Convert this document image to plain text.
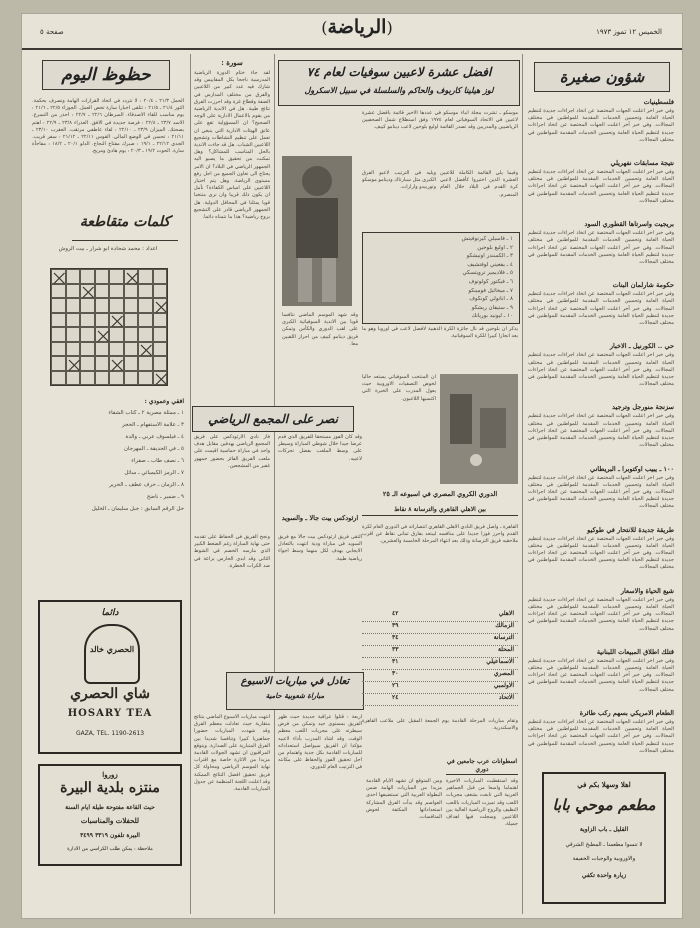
صفحة ٥	(الرياضة)	الخميس ١٢ تموز ١٩٧٣
حظوظ اليوم
الحمل ٢١/٣ ـ ٢٠/٤ : لا تتردد في اتخاذ القرارات الهامة وتصرف بحكمة. الثور ٢١/٤ ـ ٢١/٥ : تتلقى اخبارا سارة تخص العمل. الجوزاء ٢٢/٥ ـ ٢١/٦ : يوم مناسب للقاء الاصدقاء. السرطان ٢٢/٦ ـ ٢٢/٧ : احذر من التسرع. الاسد ٢٣/٧ ـ ٢٢/٨ : فرصة جديدة في الافق. العذراء ٢٣/٨ ـ ٢٢/٩ : اهتم بصحتك. الميزان ٢٣/٩ ـ ٢٢/١٠ : لقاء عاطفي مرتقب. العقرب ٢٣/١٠ ـ ٢١/١١ : تحسن في الوضع المالي. القوس ٢٢/١١ ـ ٢١/١٢ : سفر قريب. الجدي ٢٢/١٢ ـ ١٩/١ : صبرك مفتاح النجاح. الدلو ٢٠/١ ـ ١٨/٢ : مفاجأة سارة. الحوت ١٩/٢ ـ ٢٠/٣ : يوم هادئ ومريح.
كلمات متقاطعة
اعداد : محمد شحادة ابو شرار ـ بيت الروش
افقي وعمودي :
١ ـ ممثلة مصرية ٢ ـ كتاب الشفاء
٣ ـ علامة الاستفهام ـ الحجر
٤ ـ فيلسوف عربي ـ والدة
٥ ـ في الحديقة ـ المهرجان
٦ ـ نصف طاب ـ صفراء
٧ ـ الرمز الكيميائي ـ سائل
٨ ـ الزمان ـ حرف عطف ـ الحرير
٩ ـ ضمير ـ ناضج
حل الرقم السابق : جبل سليمان ـ الخليل
دائما
الحصري خالد
شاي الحصري
HOSARY TEA
GAZA, TEL. 1190-2613
زوروا
منتزه بلدية البيرة
حيث القاعة مفتوحة طيلة ايام السنة
للحفلات والمناسبات
البيرة تلفون ٣٣١٩ ٣٤٩٩
ملاحظة : يمكن طلب الكراسي من الادارة
سورة :
لقد جاء ختام الدورة الرياضية المدرسية ناجحا بكل المقاييس وقد شارك فيه عدد كبير من اللاعبين والفرق من مختلف المدارس في الضفة وقطاع غزة وقد احرزت الفرق نتائج طيبة. هل في الاندية الرياضية من يقوم بالاعمال الادارية على الوجه الصحيح؟ ان المسؤولية تقع على عاتق الهيئات الادارية التي ينبغي ان تعمل على تنظيم النشاطات وتشجيع اللاعبين الشباب. هل قد جاءت الاندية بالحل المناسب للمشاكل؟ وهل تمكنت من تحقيق ما يصبو اليه الجمهور الرياضي في البلاد؟ ان الامر يحتاج الى تعاون الجميع من اجل رفع مستوى الرياضة. وهل يتم اختيار اللاعبين على اساس الكفاءة؟ نأمل ان يكون ذلك قريبا وان نرى منتخبا قويا يمثلنا في المحافل الدولية. هل الجمهور الرياضي قادر على التشجيع بروح رياضية؟ هذا ما نتمناه دائما.
نصر على المجمع الرياضي
فاز نادي الارثوذكس على فريق المجمع الرياضي بهدفين مقابل هدف واحد في مباراة حماسية اقيمت على ملعب الفريق الفائز بحضور جمهور غفير من المشجعين.
ونجح الفريق في الحفاظ على تقدمه حتى نهاية المباراة رغم الضغط الكبير الذي مارسه الخصم في الشوط الثاني وقد ابدى الحارس براعة في صد الكرات الخطرة.
ارثودكس بيت جالا ـ والسويد
وقد كان الفوز مستحقا للفريق الذي قدم عرضا جيدا خلال شوطي المباراة وسيطر على وسط الملعب بفضل تحركات لاعبيه.
التقى فريق ارثودكس بيت جالا مع فريق السويد في مباراة ودية انتهت بالتعادل الايجابي بهدف لكل منهما وسط اجواء رياضية طيبة.
تعادل في مباريات الاسبوع
مباراة شعوبية حامية
انتهت مباريات الاسبوع الماضي بنتائج متقاربة حيث تعادلت معظم الفرق وقد شهدت المباريات حضورا جماهيريا كبيرا وتنافسا شديدا بين الفرق المتبارية على الصدارة. ويتوقع المراقبون ان تشهد الجولات القادمة مزيدا من الاثارة خاصة مع اقتراب نهاية الموسم الرياضي ومحاولة كل فريق تحقيق افضل النتائج الممكنة وقد اعلنت اللجنة المنظمة عن جدول المباريات القادمة.
اربعة : قتلوا عراقية جديدة حيث ظهر الفريق بمستوى جيد وتمكن من فرض سيطرته على مجريات اللعب معظم الوقت. وقد اشاد المدرب بأداء لاعبيه مؤكدا ان الفريق سيواصل استعداداته للمباريات القادمة بكل جدية واهتمام من اجل تحقيق الفوز والحفاظ على مكانته في الترتيب العام للدوري.
افضل عشرة لاعبين سوفيات لعام ٧٤
لوز هيلينا كاربوف والحاكم والسلسلة في سبيل الاسكرول
موسكو ـ تشرت مجلة انباء موسكو في عددها الاخير قائمة بأفضل عشرة لاعبين في الاتحاد السوفياتي لعام ١٩٧٤ وفق استطلاع شمل الصحفيين الرياضيين والمدربين وقد تصدر القائمة اوليغ بلوخين لاعب دينامو كييف.
وفيما يلي القائمة الكاملة للاعبين العشرة الذين اختيروا كأفضل لاعبي كرة القدم في البلاد خلال العام المنصرم.
ويليه في الترتيب لاعبو الفرق الكبرى مثل سبارتاك ودينامو موسكو وتوربيدو وارارات.
١ ـ فاسيلي كيرتوفيتش
٢ ـ اوليغ بلوخين
٣ ـ الكسندر اونيشكو
٤ ـ يفغيني لوفتشيف
٥ ـ فلاديمير ترويتسكي
٦ ـ فيكتور كولوتوف
٧ ـ ميخائيل فومينكو
٨ ـ اناتولي كونكوف
٩ ـ ستيفان ريشكو
١٠ ـ ليونيد بوريانك
يذكر ان بلوخين قد نال جائزة الكرة الذهبية لافضل لاعب في اوروبا وهو ما يعد انجازا كبيرا للكرة السوفياتية.
وقد شهد الموسم الماضي تنافسا قويا بين الاندية السوفياتية الكبرى على لقب الدوري والكأس وتمكن فريق دينامو كييف من احراز اللقبين معا.
ان المنتخب السوفياتي يستعد حاليا لخوض التصفيات الاوروبية حيث يعول المدرب على الخبرة التي اكتسبها اللاعبون.
الدوري الكروي المصري في اسبوعه الـ ٢٥
بين الاهلي القاهري والترسانة ٨ نقاط
القاهرة ـ واصل فريق النادي الاهلي القاهري انتصاراته في الدوري العام لكرة القدم واحرز فوزا جديدا على منافسه ليبتعد بفارق ثماني نقاط عن اقرب ملاحقيه فريق الترسانة وذلك بعد انتهاء المرحلة الخامسة والعشرين.
الاهلي
٤٢
الزمالك
٣٩
الترسانة
٣٤
المحلة
٣٣
الاسماعيلي
٣١
المصري
٣٠
الاولمبي
٢٦
الاتحاد
٢٤
وتقام مباريات المرحلة القادمة يوم الجمعة المقبل على ملاعب القاهرة والاسكندرية.
اسطوانات عرب جامعين في دوري
وقد استقطبت المباريات الاخيرة اهتماما واسعا من قبل الجماهير العربية التي تابعت بشغف مجريات اللعب وقد تميزت المباريات باللعب النظيف والروح الرياضية العالية بين اللاعبين وسجلت فيها اهداف جميلة.
ومن المتوقع ان تشهد الايام القادمة مزيدا من المباريات الهامة ضمن البطولة العربية التي تستضيفها احدى العواصم وقد بدأت الفرق المشاركة استعداداتها المكثفة لخوض المنافسات.
شؤون صغيرة
فلسطينيات
وفي خبر آخر اعلنت الجهات المختصة عن اتخاذ اجراءات جديدة لتنظيم الحياة العامة وتحسين الخدمات المقدمة للمواطنين في مختلف المجالات. وفي خبر آخر اعلنت الجهات المختصة عن اتخاذ اجراءات جديدة لتنظيم الحياة العامة وتحسين الخدمات المقدمة للمواطنين في مختلف المجالات.
نتيجة مسابقات نفهريلي
وفي خبر آخر اعلنت الجهات المختصة عن اتخاذ اجراءات جديدة لتنظيم الحياة العامة وتحسين الخدمات المقدمة للمواطنين في مختلف المجالات. وفي خبر آخر اعلنت الجهات المختصة عن اتخاذ اجراءات جديدة لتنظيم الحياة العامة وتحسين الخدمات المقدمة للمواطنين في مختلف المجالات.
بريجيت واسرتاها القطوري السود
وفي خبر آخر اعلنت الجهات المختصة عن اتخاذ اجراءات جديدة لتنظيم الحياة العامة وتحسين الخدمات المقدمة للمواطنين في مختلف المجالات. وفي خبر آخر اعلنت الجهات المختصة عن اتخاذ اجراءات جديدة لتنظيم الحياة العامة وتحسين الخدمات المقدمة للمواطنين في مختلف المجالات.
حكومة شارلمان البنات
وفي خبر آخر اعلنت الجهات المختصة عن اتخاذ اجراءات جديدة لتنظيم الحياة العامة وتحسين الخدمات المقدمة للمواطنين في مختلف المجالات. وفي خبر آخر اعلنت الجهات المختصة عن اتخاذ اجراءات جديدة لتنظيم الحياة العامة وتحسين الخدمات المقدمة للمواطنين في مختلف المجالات.
حي .. الكورنيل ـ الاخبار
وفي خبر آخر اعلنت الجهات المختصة عن اتخاذ اجراءات جديدة لتنظيم الحياة العامة وتحسين الخدمات المقدمة للمواطنين في مختلف المجالات. وفي خبر آخر اعلنت الجهات المختصة عن اتخاذ اجراءات جديدة لتنظيم الحياة العامة وتحسين الخدمات المقدمة للمواطنين في مختلف المجالات.
سزنجة منورجل وترجيد
وفي خبر آخر اعلنت الجهات المختصة عن اتخاذ اجراءات جديدة لتنظيم الحياة العامة وتحسين الخدمات المقدمة للمواطنين في مختلف المجالات. وفي خبر آخر اعلنت الجهات المختصة عن اتخاذ اجراءات جديدة لتنظيم الحياة العامة وتحسين الخدمات المقدمة للمواطنين في مختلف المجالات.
١٠٠ ـ يبيب اوكتوبرا ـ البريطاني
وفي خبر آخر اعلنت الجهات المختصة عن اتخاذ اجراءات جديدة لتنظيم الحياة العامة وتحسين الخدمات المقدمة للمواطنين في مختلف المجالات. وفي خبر آخر اعلنت الجهات المختصة عن اتخاذ اجراءات جديدة لتنظيم الحياة العامة وتحسين الخدمات المقدمة للمواطنين في مختلف المجالات.
طريقة جديدة للانتحار في طوكيو
وفي خبر آخر اعلنت الجهات المختصة عن اتخاذ اجراءات جديدة لتنظيم الحياة العامة وتحسين الخدمات المقدمة للمواطنين في مختلف المجالات. وفي خبر آخر اعلنت الجهات المختصة عن اتخاذ اجراءات جديدة لتنظيم الحياة العامة وتحسين الخدمات المقدمة للمواطنين في مختلف المجالات.
شيع الحياة والاسعار
وفي خبر آخر اعلنت الجهات المختصة عن اتخاذ اجراءات جديدة لتنظيم الحياة العامة وتحسين الخدمات المقدمة للمواطنين في مختلف المجالات. وفي خبر آخر اعلنت الجهات المختصة عن اتخاذ اجراءات جديدة لتنظيم الحياة العامة وتحسين الخدمات المقدمة للمواطنين في مختلف المجالات.
قتلك اطلاق المبيعات اللبنانية
وفي خبر آخر اعلنت الجهات المختصة عن اتخاذ اجراءات جديدة لتنظيم الحياة العامة وتحسين الخدمات المقدمة للمواطنين في مختلف المجالات. وفي خبر آخر اعلنت الجهات المختصة عن اتخاذ اجراءات جديدة لتنظيم الحياة العامة وتحسين الخدمات المقدمة للمواطنين في مختلف المجالات.
الطعام الامريكي بسهم ركب طائرة
وفي خبر آخر اعلنت الجهات المختصة عن اتخاذ اجراءات جديدة لتنظيم الحياة العامة وتحسين الخدمات المقدمة للمواطنين في مختلف المجالات. وفي خبر آخر اعلنت الجهات المختصة عن اتخاذ اجراءات جديدة لتنظيم الحياة العامة وتحسين الخدمات المقدمة للمواطنين في مختلف المجالات.
اهلا وسهلا بكم في
مطعم موحي بابا
القليل ـ باب الزاوية
لا تنسوا مطعمنا ـ المطبخ الشرقي
والاوروبية والوجبات الخفيفة
زيارة واحدة تكفي
